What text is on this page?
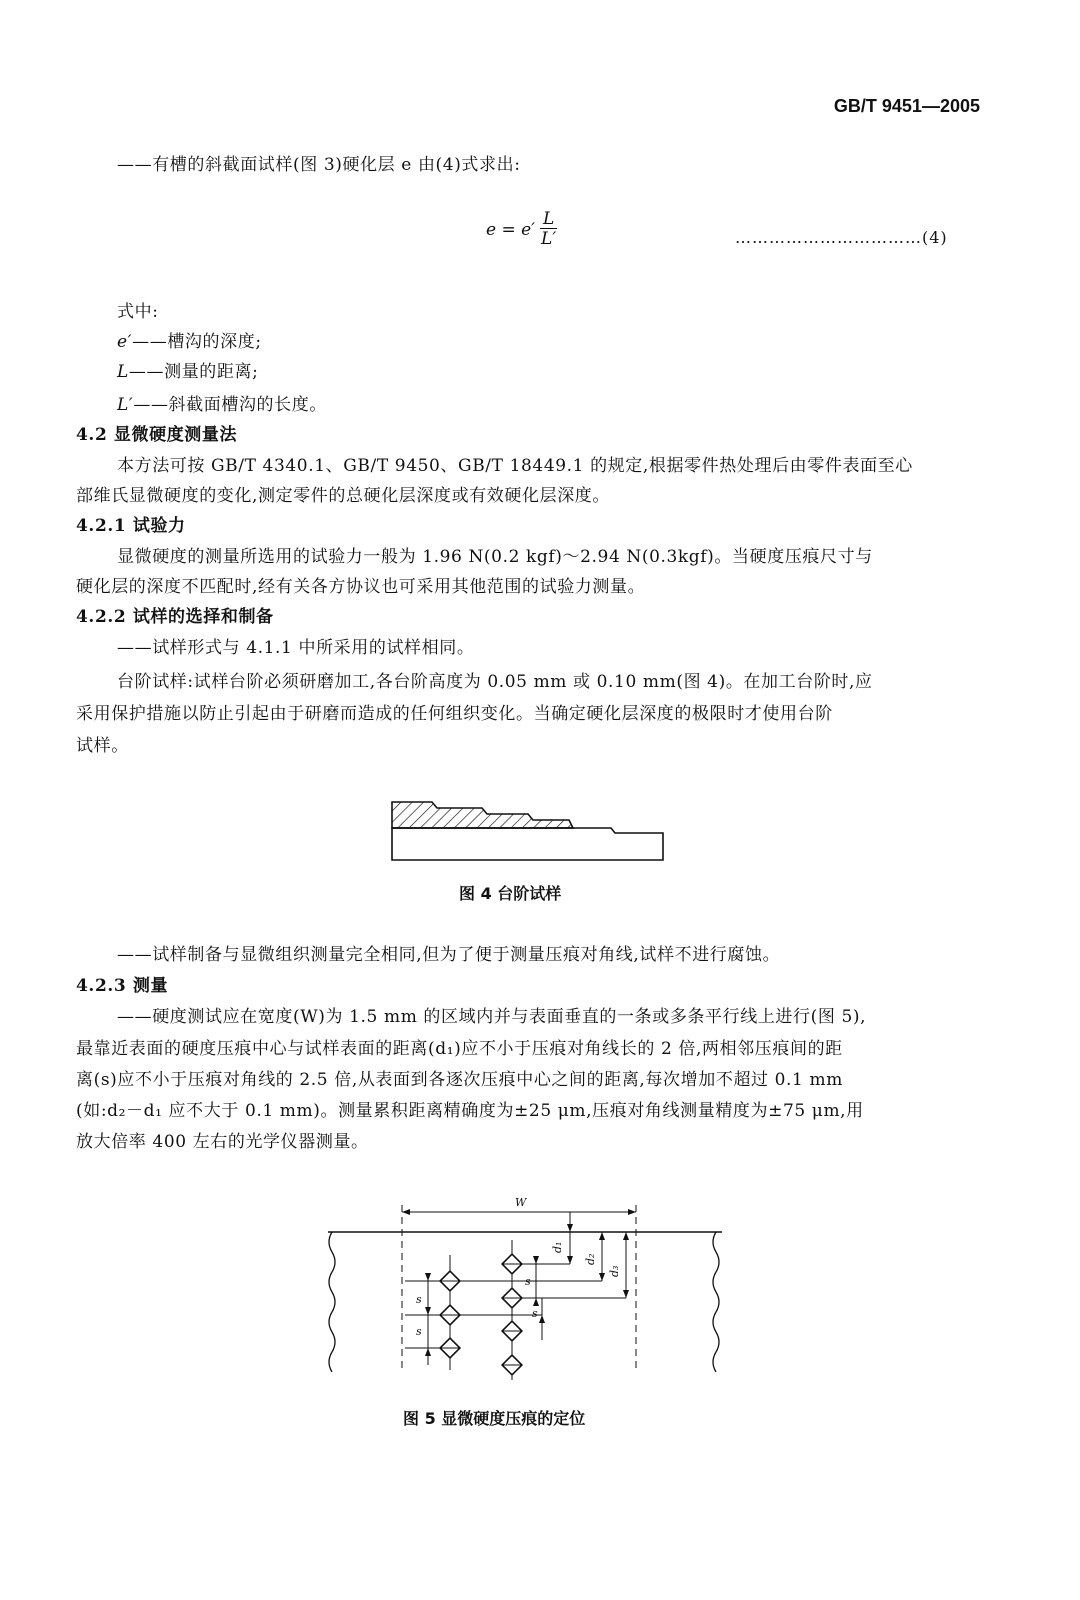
GB/T 9451—2005
——有槽的斜截面试样(图 3)硬化层 e 由(4)式求出:
$e = e' \frac{L}{L'}$	……………………………(4)
式中:
e′——槽沟的深度;
L——测量的距离;
L′——斜截面槽沟的长度。
4.2 显微硬度测量法
本方法可按 GB/T 4340.1、GB/T 9450、GB/T 18449.1 的规定,根据零件热处理后由零件表面至心
部维氏显微硬度的变化,测定零件的总硬化层深度或有效硬化层深度。
4.2.1 试验力
显微硬度的测量所选用的试验力一般为 1.96 N(0.2 kgf)～2.94 N(0.3kgf)。当硬度压痕尺寸与
硬化层的深度不匹配时,经有关各方协议也可采用其他范围的试验力测量。
4.2.2 试样的选择和制备
——试样形式与 4.1.1 中所采用的试样相同。
台阶试样:试样台阶必须研磨加工,各台阶高度为 0.05 mm 或 0.10 mm(图 4)。在加工台阶时,应
采用保护措施以防止引起由于研磨而造成的任何组织变化。当确定硬化层深度的极限时才使用台阶
试样。
图 4 台阶试样
——试样制备与显微组织测量完全相同,但为了便于测量压痕对角线,试样不进行腐蚀。
4.2.3 测量
——硬度测试应在宽度(W)为 1.5 mm 的区域内并与表面垂直的一条或多条平行线上进行(图 5),
最靠近表面的硬度压痕中心与试样表面的距离(d₁)应不小于压痕对角线长的 2 倍,两相邻压痕间的距
离(s)应不小于压痕对角线的 2.5 倍,从表面到各逐次压痕中心之间的距离,每次增加不超过 0.1 mm
(如:d₂－d₁ 应不大于 0.1 mm)。测量累积距离精确度为±25 μm,压痕对角线测量精度为±75 μm,用
放大倍率 400 左右的光学仪器测量。
W
d₁
d₂
d₃
s
s
s
s
图 5 显微硬度压痕的定位
